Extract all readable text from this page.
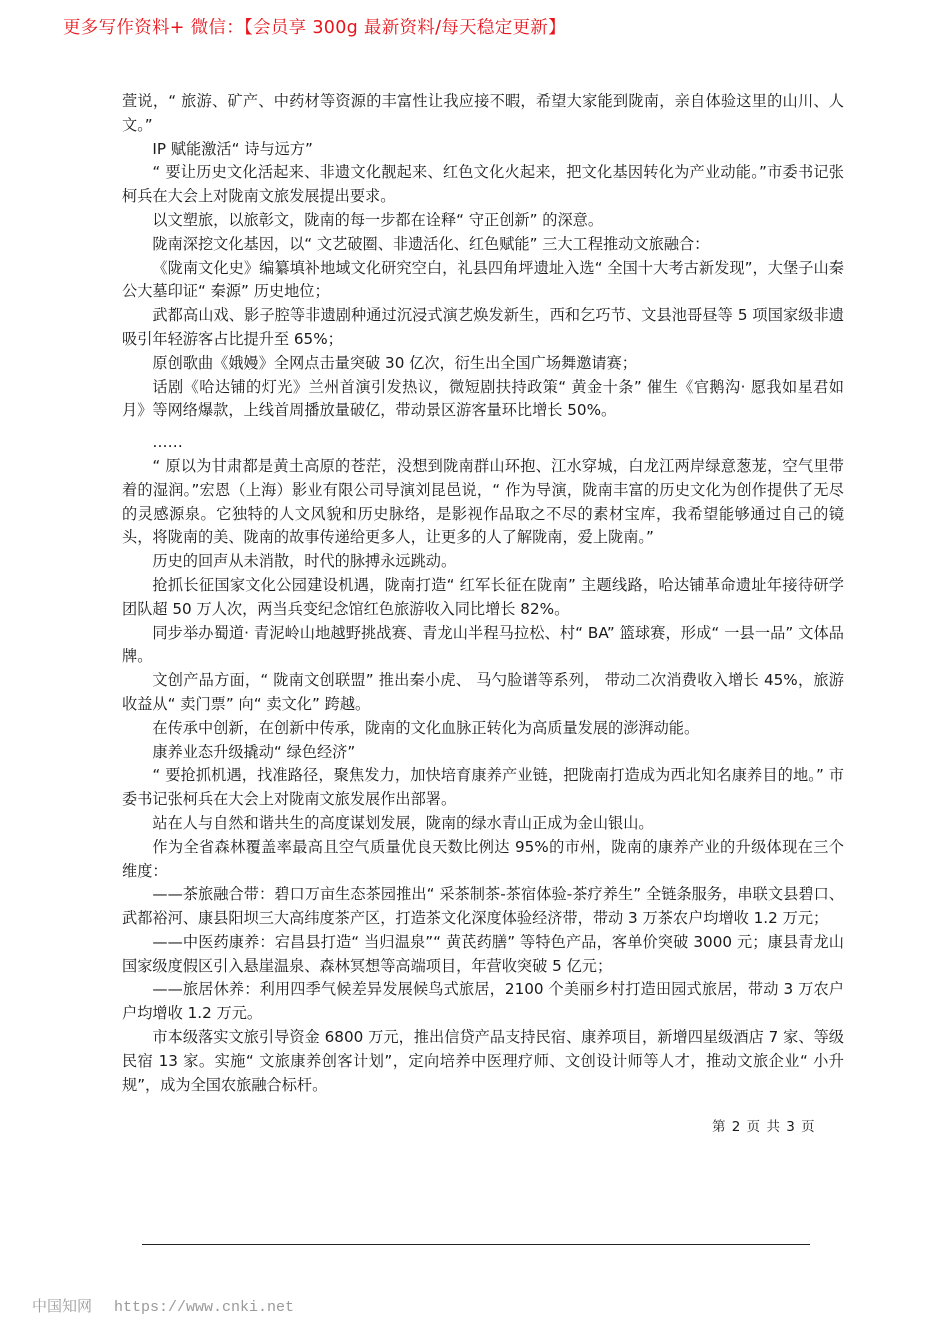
更多写作资料+ 微信：【会员享 300g 最新资料/每天稳定更新】

萱说，“ 旅游、矿产、中药材等资源的丰富性让我应接不暇，希望大家能到陇南，亲自体验这里的山川、人文。”

IP 赋能激活“ 诗与远方”

“ 要让历史文化活起来、非遗文化靓起来、红色文化火起来，把文化基因转化为产业动能。”市委书记张柯兵在大会上对陇南文旅发展提出要求。

以文塑旅，以旅彰文，陇南的每一步都在诠释“ 守正创新” 的深意。

陇南深挖文化基因，以“ 文艺破圈、非遗活化、红色赋能” 三大工程推动文旅融合：

《陇南文化史》编纂填补地域文化研究空白，礼县四角坪遗址入选“ 全国十大考古新发现”，大堡子山秦公大墓印证“ 秦源” 历史地位；

武都高山戏、影子腔等非遗剧种通过沉浸式演艺焕发新生，西和乞巧节、文县池哥昼等 5 项国家级非遗吸引年轻游客占比提升至 65%；

原创歌曲《娥嫚》全网点击量突破 30 亿次，衍生出全国广场舞邀请赛；

话剧《哈达铺的灯光》兰州首演引发热议，微短剧扶持政策“ 黄金十条” 催生《官鹅沟· 愿我如星君如月》等网络爆款，上线首周播放量破亿，带动景区游客量环比增长 50%。

……

“ 原以为甘肃都是黄土高原的苍茫，没想到陇南群山环抱、江水穿城，白龙江两岸绿意葱茏，空气里带着的湿润。”宏恩（上海）影业有限公司导演刘昆邑说，“ 作为导演，陇南丰富的历史文化为创作提供了无尽的灵感源泉。它独特的人文风貌和历史脉络，是影视作品取之不尽的素材宝库，我希望能够通过自己的镜头，将陇南的美、陇南的故事传递给更多人，让更多的人了解陇南，爱上陇南。”

历史的回声从未消散，时代的脉搏永远跳动。

抢抓长征国家文化公园建设机遇，陇南打造“ 红军长征在陇南” 主题线路，哈达铺革命遗址年接待研学团队超 50 万人次，两当兵变纪念馆红色旅游收入同比增长 82%。

同步举办蜀道· 青泥岭山地越野挑战赛、青龙山半程马拉松、村“ BA” 篮球赛，形成“ 一县一品” 文体品牌。

文创产品方面，“ 陇南文创联盟” 推出秦小虎、 马勺脸谱等系列， 带动二次消费收入增长 45%，旅游收益从“ 卖门票” 向“ 卖文化” 跨越。

在传承中创新，在创新中传承，陇南的文化血脉正转化为高质量发展的澎湃动能。

康养业态升级撬动“ 绿色经济”

“ 要抢抓机遇，找准路径，聚焦发力，加快培育康养产业链，把陇南打造成为西北知名康养目的地。” 市委书记张柯兵在大会上对陇南文旅发展作出部署。

站在人与自然和谐共生的高度谋划发展，陇南的绿水青山正成为金山银山。

作为全省森林覆盖率最高且空气质量优良天数比例达 95%的市州，陇南的康养产业的升级体现在三个维度：

——茶旅融合带：碧口万亩生态茶园推出“ 采茶制茶-茶宿体验-茶疗养生” 全链条服务，串联文县碧口、武都裕河、康县阳坝三大高纬度茶产区，打造茶文化深度体验经济带，带动 3 万茶农户均增收 1.2 万元；

——中医药康养：宕昌县打造“ 当归温泉”“ 黄芪药膳” 等特色产品，客单价突破 3000 元；康县青龙山国家级度假区引入悬崖温泉、森林冥想等高端项目，年营收突破 5 亿元；

——旅居休养：利用四季气候差异发展候鸟式旅居，2100 个美丽乡村打造田园式旅居，带动 3 万农户户均增收 1.2 万元。

市本级落实文旅引导资金 6800 万元，推出信贷产品支持民宿、康养项目，新增四星级酒店 7 家、等级民宿 13 家。实施“ 文旅康养创客计划”，定向培养中医理疗师、文创设计师等人才，推动文旅企业“ 小升规”，成为全国农旅融合标杆。

第 2 页 共 3 页
中国知网 https://www.cnki.net
